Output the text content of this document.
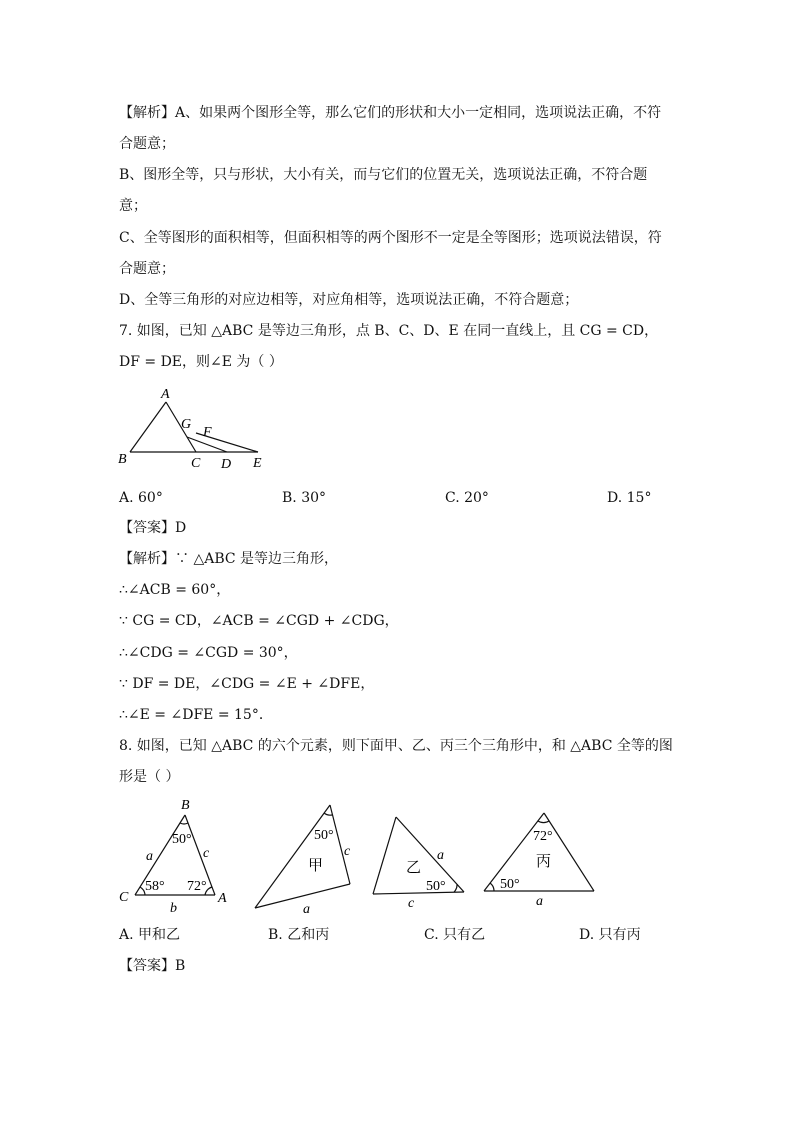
【解析】A、如果两个图形全等，那么它们的形状和大小一定相同，选项说法正确，不符
合题意；
B、图形全等，只与形状，大小有关，而与它们的位置无关，选项说法正确，不符合题
意；
C、全等图形的面积相等，但面积相等的两个图形不一定是全等图形；选项说法错误，符
合题意；
D、全等三角形的对应边相等，对应角相等，选项说法正确，不符合题意；
7. 如图，已知 △ABC 是等边三角形，点 B、C、D、E 在同一直线上，且 CG = CD，
DF = DE，则∠E 为（ ）
A
B	C D E
F
G
A. 60°	B. 30°	C. 20°	D. 15°
【答案】D
【解析】∵ △ABC 是等边三角形，
∴∠ACB = 60°，
∵ CG = CD，∠ACB = ∠CGD + ∠CDG，
∴∠CDG = ∠CGD = 30°，
∵ DF = DE，∠CDG = ∠E + ∠DFE，
∴∠E = ∠DFE = 15°．
8. 如图，已知 △ABC 的六个元素，则下面甲、乙、丙三个三角形中，和 △ABC 全等的图
形是（ ）
B
C	A
a
b
c
50°
58° 72°
50°
甲
c
a
乙
50°
a
c
72°
丙
50°
a
A. 甲和乙	B. 乙和丙	C. 只有乙	D. 只有丙
【答案】B
